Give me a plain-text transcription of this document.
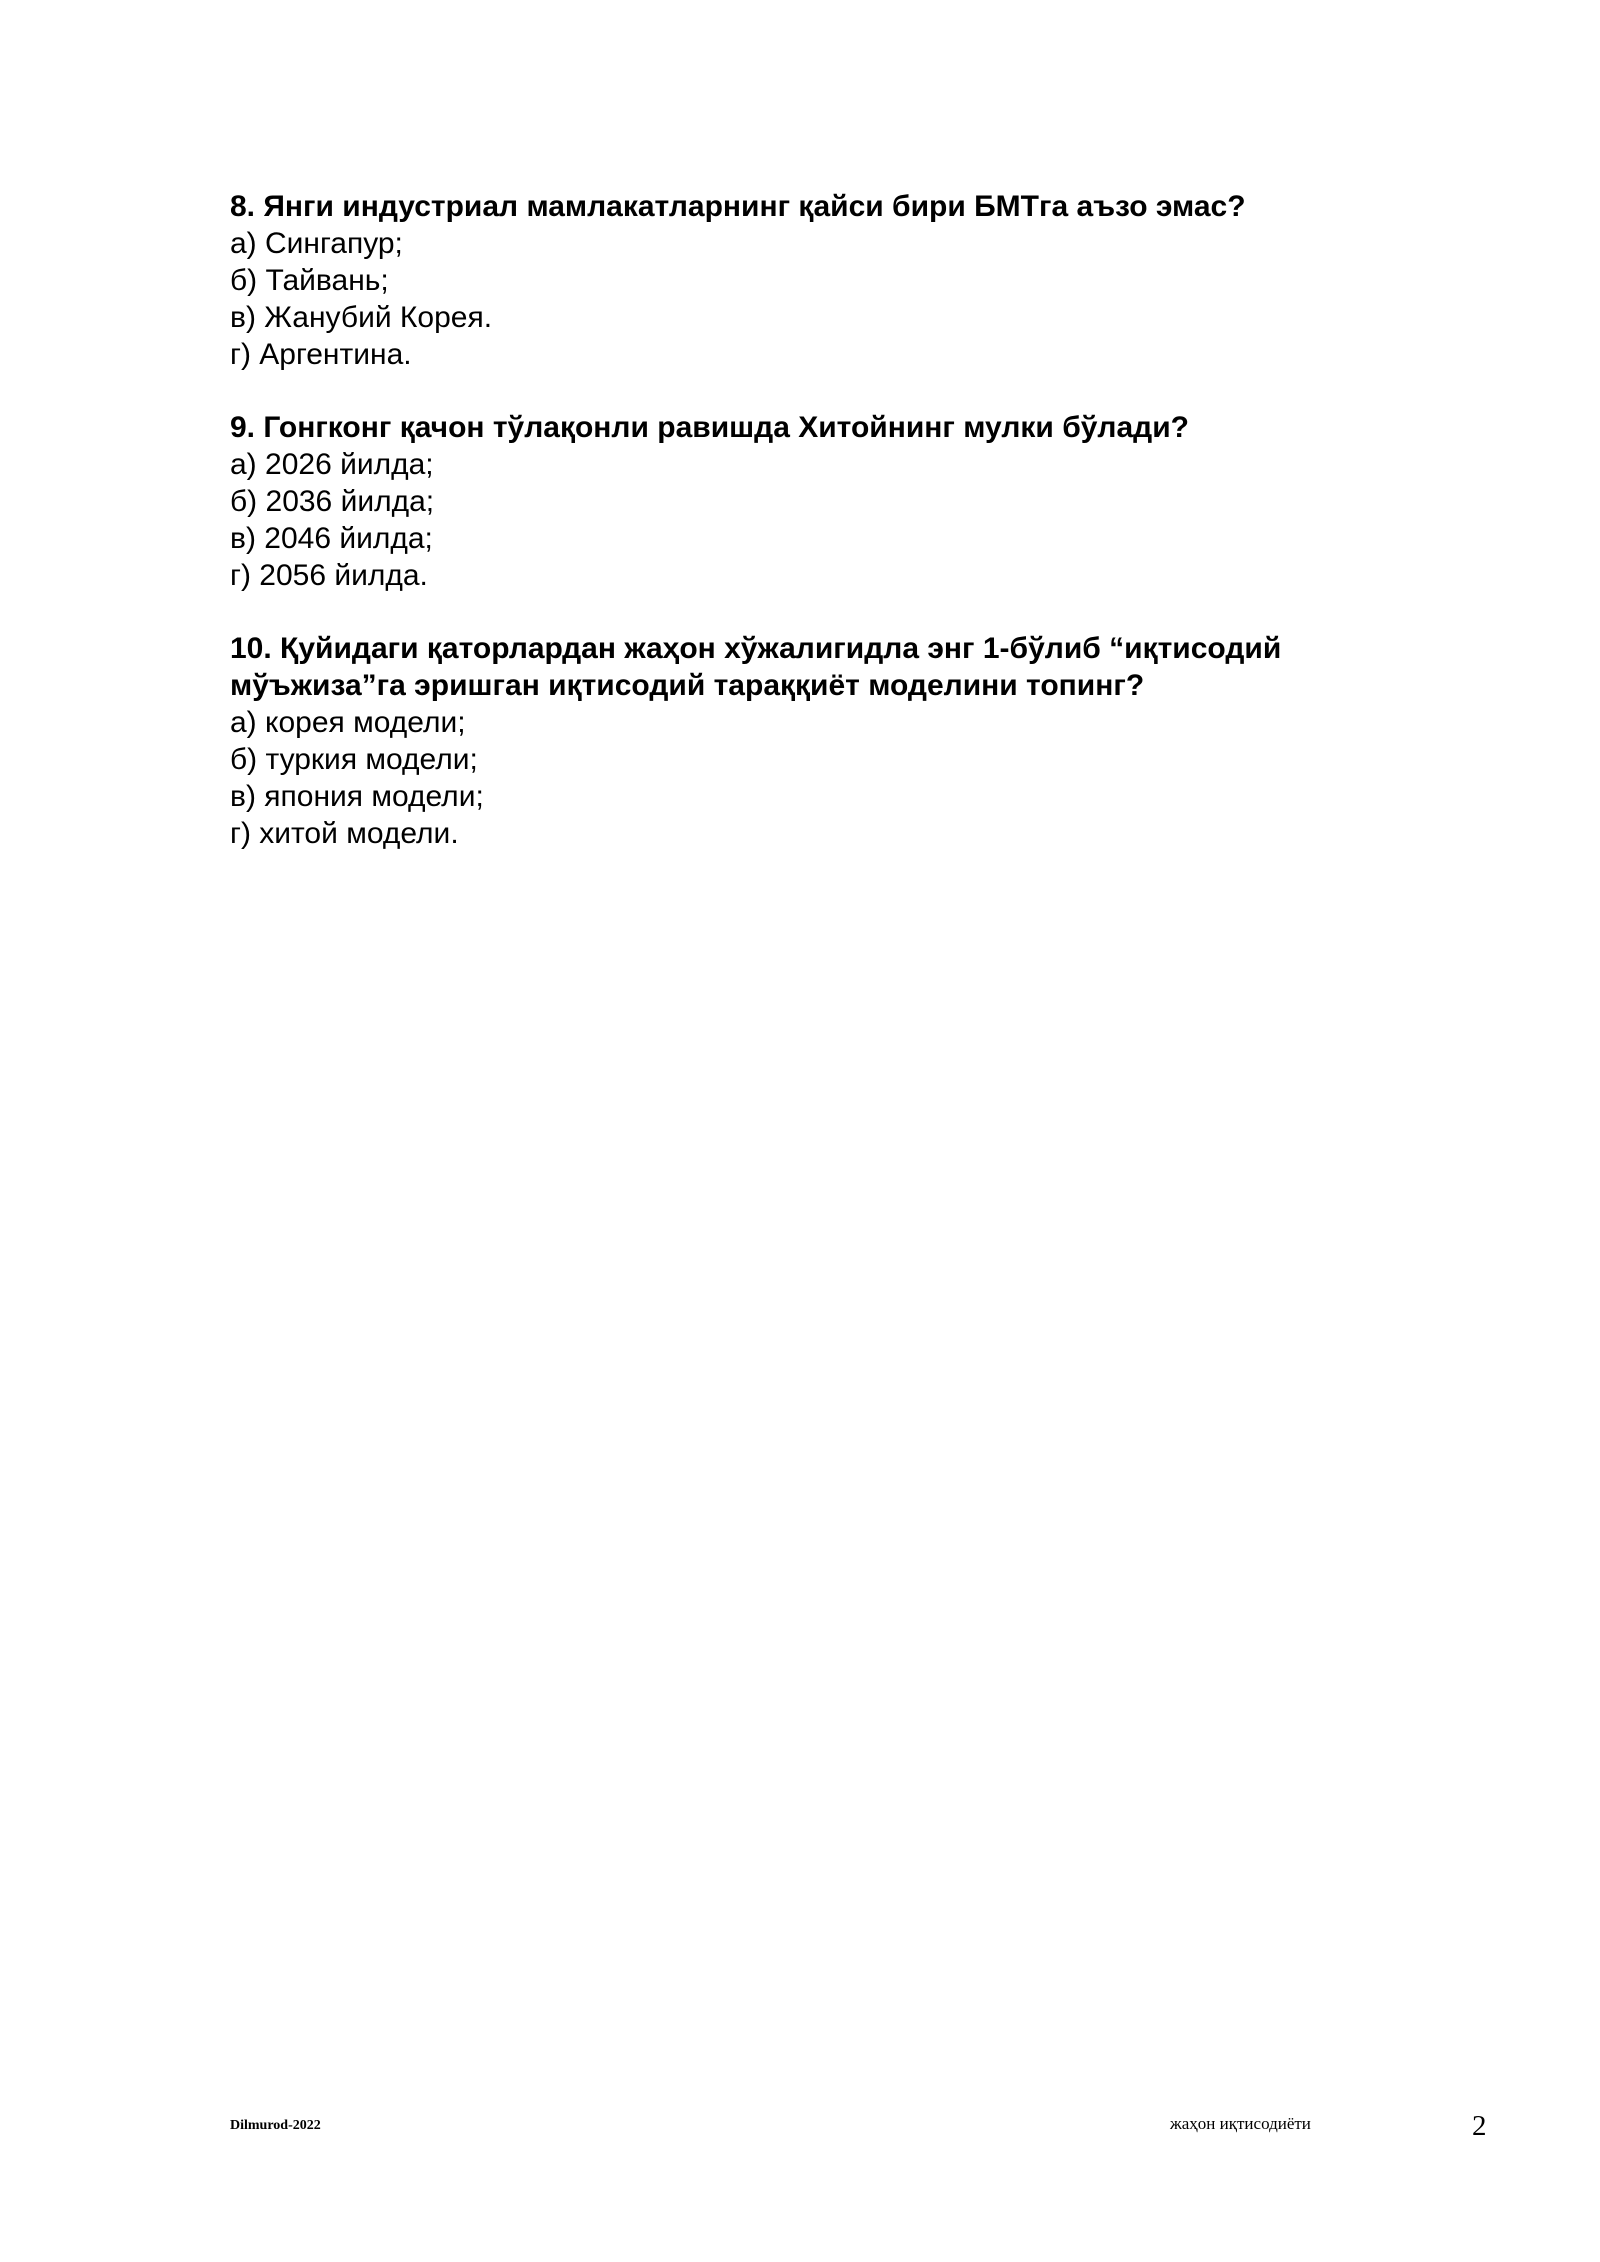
8. Янги индустриал мамлакатларнинг қайси бири БМТга аъзо эмас?

а) Сингапур;
б) Тайвань;
в) Жанубий Корея.
г) Аргентина.

9. Гонгконг қачон тўлақонли равишда Хитойнинг мулки бўлади?

а) 2026 йилда;
б) 2036 йилда;
в) 2046 йилда;
г) 2056 йилда.

10. Қуйидаги қаторлардан жаҳон хўжалигидла энг 1-бўлиб “иқтисодий мўъжиза”га эришган иқтисодий тараққиёт моделини топинг?

а) корея модели;
б) туркия модели;
в) япония модели;
г) хитой модели.
Dilmurod-2022	жаҳон иқтисодиёти	2
